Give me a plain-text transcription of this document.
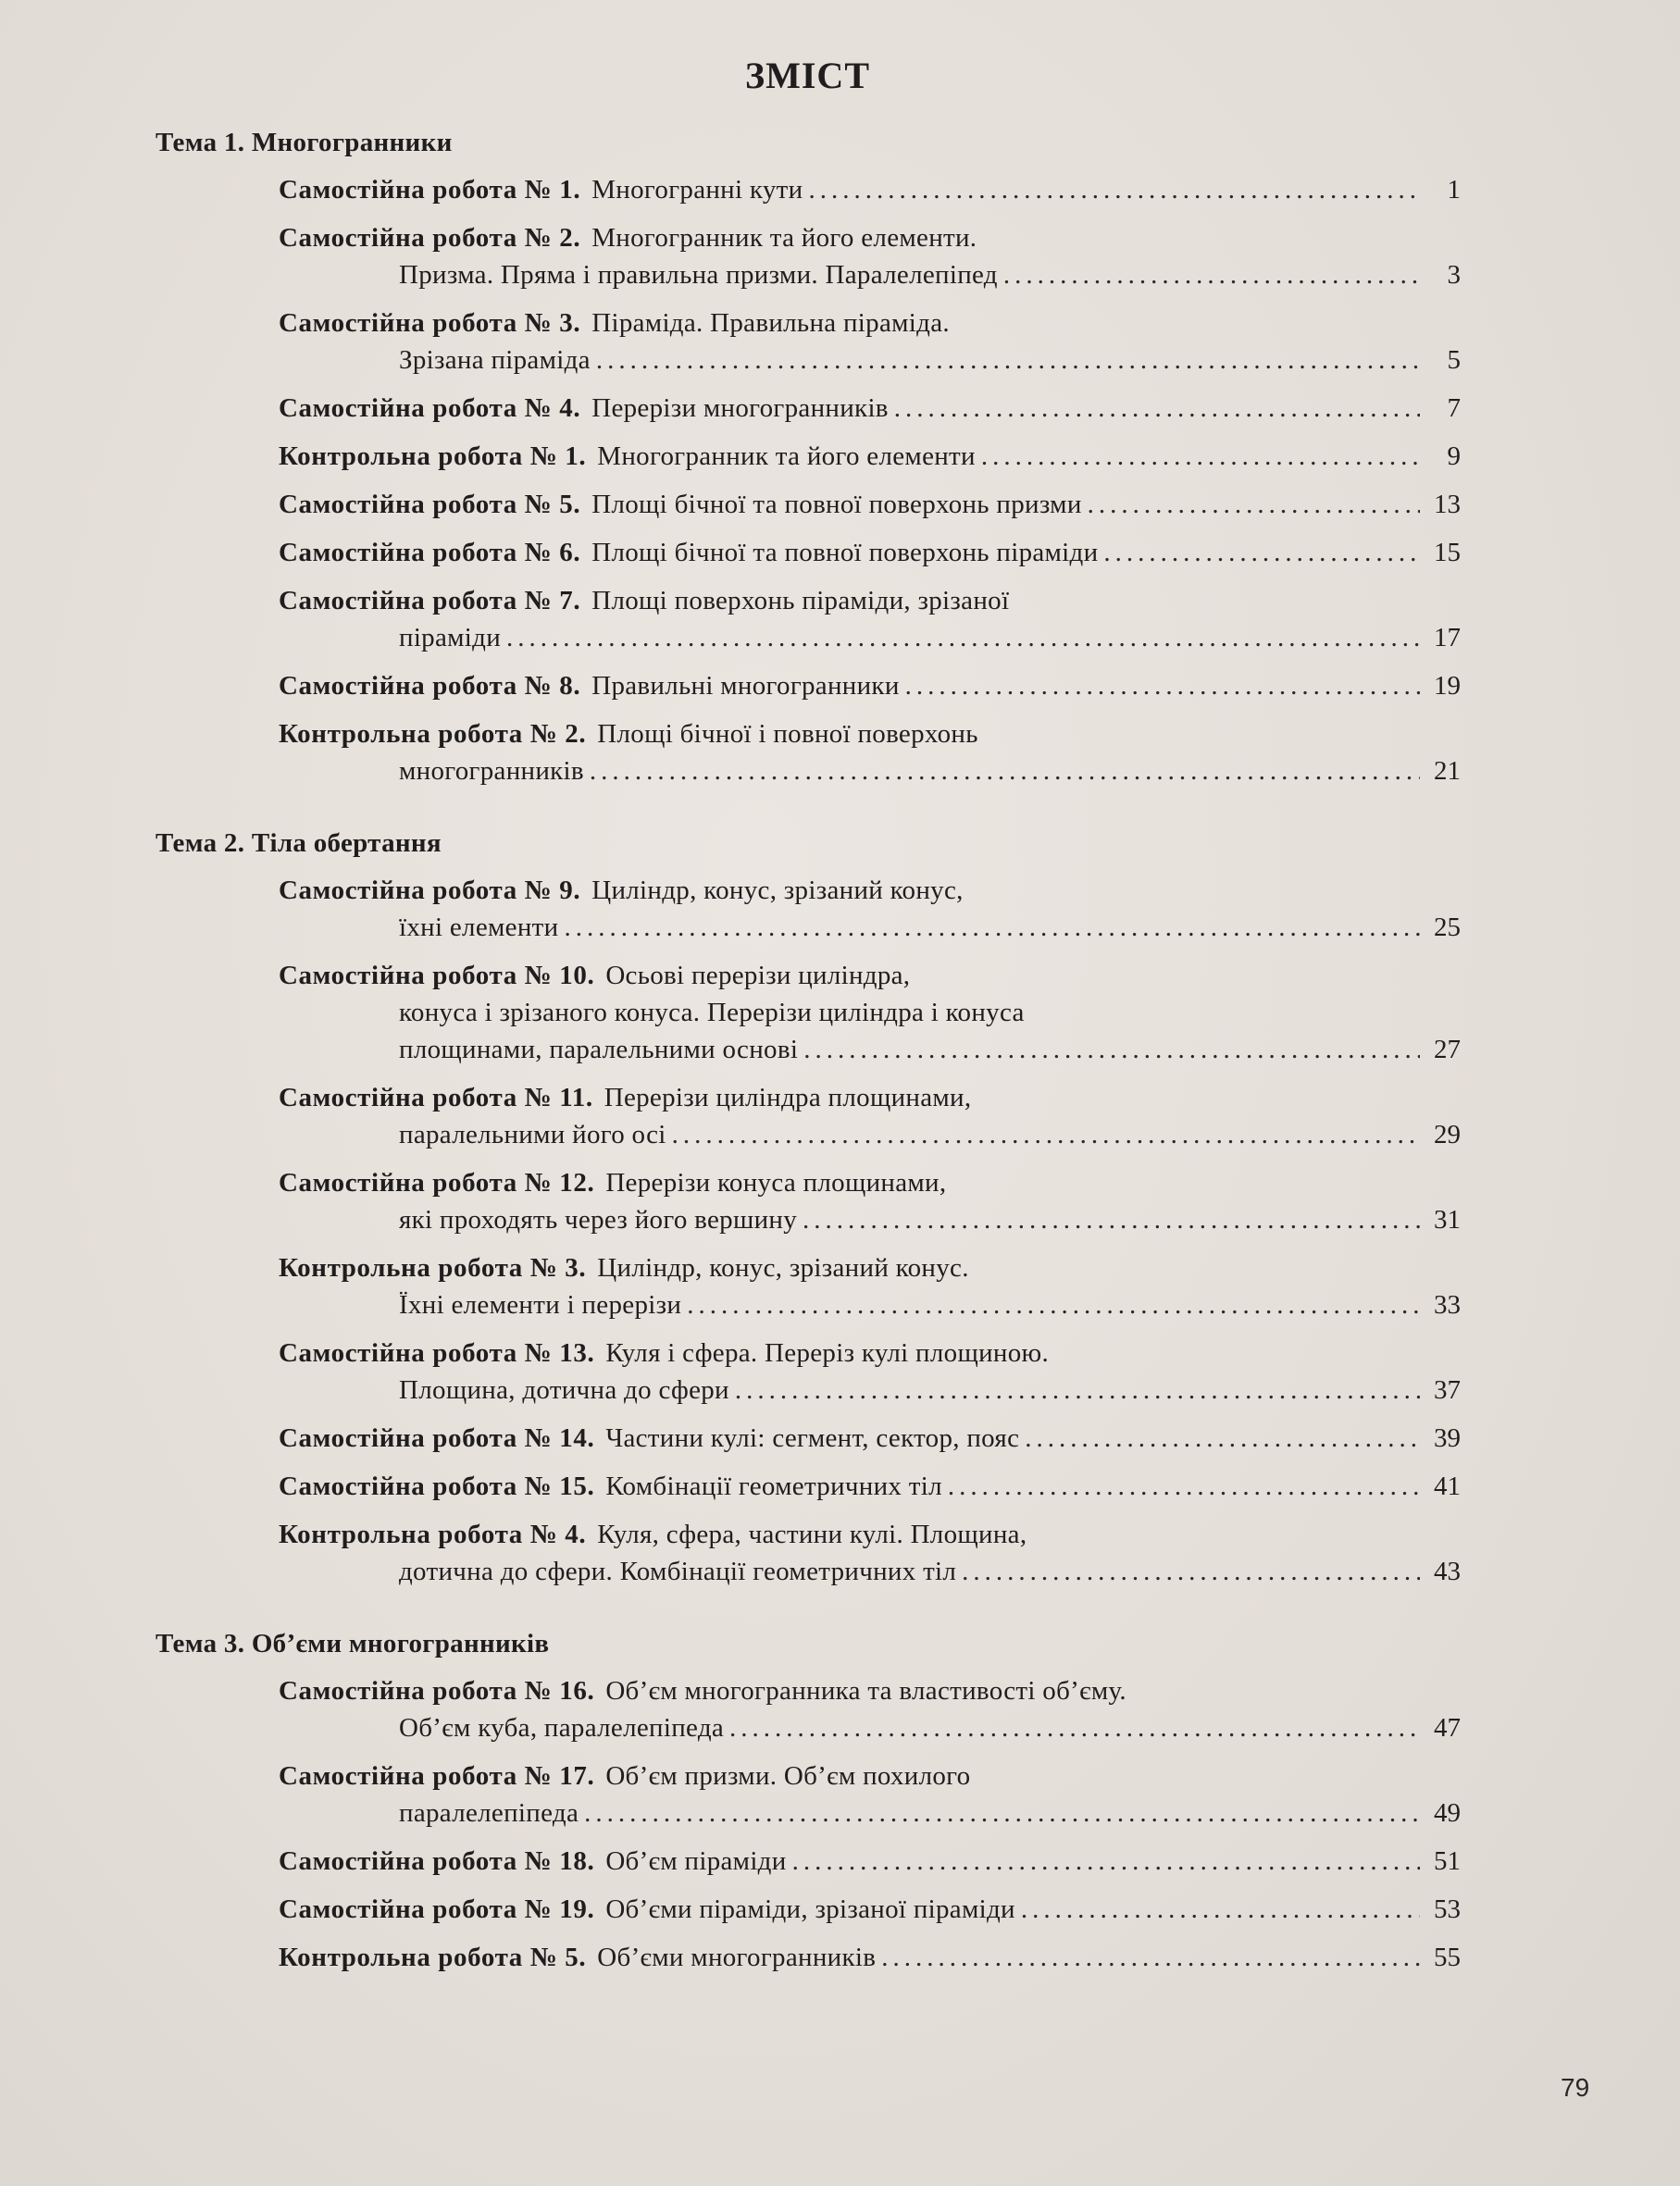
ЗМІСТ
Тема 1. Многогранники
Самостійна робота № 1. Многогранні кути .....	1
Самостійна робота № 2. Многогранник та його елементи.
Призма. Пряма і правильна призми. Паралелепіпед .....	3
Самостійна робота № 3. Піраміда. Правильна піраміда.
Зрізана піраміда .....	5
Самостійна робота № 4. Перерізи многогранників .....	7
Контрольна робота № 1. Многогранник та його елементи .....	9
Самостійна робота № 5. Площі бічної та повної поверхонь призми .....	13
Самостійна робота № 6. Площі бічної та повної поверхонь піраміди .....	15
Самостійна робота № 7. Площі поверхонь піраміди, зрізаної
піраміди .....	17
Самостійна робота № 8. Правильні многогранники .....	19
Контрольна робота № 2. Площі бічної і повної поверхонь
многогранників .....	21
Тема 2. Тіла обертання
Самостійна робота № 9. Циліндр, конус, зрізаний конус,
їхні елементи .....	25
Самостійна робота № 10. Осьові перерізи циліндра,
конуса і зрізаного конуса. Перерізи циліндра і конуса
площинами, паралельними основі .....	27
Самостійна робота № 11. Перерізи циліндра площинами,
паралельними його осі .....	29
Самостійна робота № 12. Перерізи конуса площинами,
які проходять через його вершину .....	31
Контрольна робота № 3. Циліндр, конус, зрізаний конус.
Їхні елементи і перерізи .....	33
Самостійна робота № 13. Куля і сфера. Переріз кулі площиною.
Площина, дотична до сфери .....	37
Самостійна робота № 14. Частини кулі: сегмент, сектор, пояс .....	39
Самостійна робота № 15. Комбінації геометричних тіл .....	41
Контрольна робота № 4. Куля, сфера, частини кулі. Площина,
дотична до сфери. Комбінації геометричних тіл .....	43
Тема 3. Об’єми многогранників
Самостійна робота № 16. Об’єм многогранника та властивості об’єму.
Об’єм куба, паралелепіпеда .....	47
Самостійна робота № 17. Об’єм призми. Об’єм похилого
паралелепіпеда .....	49
Самостійна робота № 18. Об’єм піраміди .....	51
Самостійна робота № 19. Об’єми піраміди, зрізаної піраміди .....	53
Контрольна робота № 5. Об’єми многогранників .....	55
79
